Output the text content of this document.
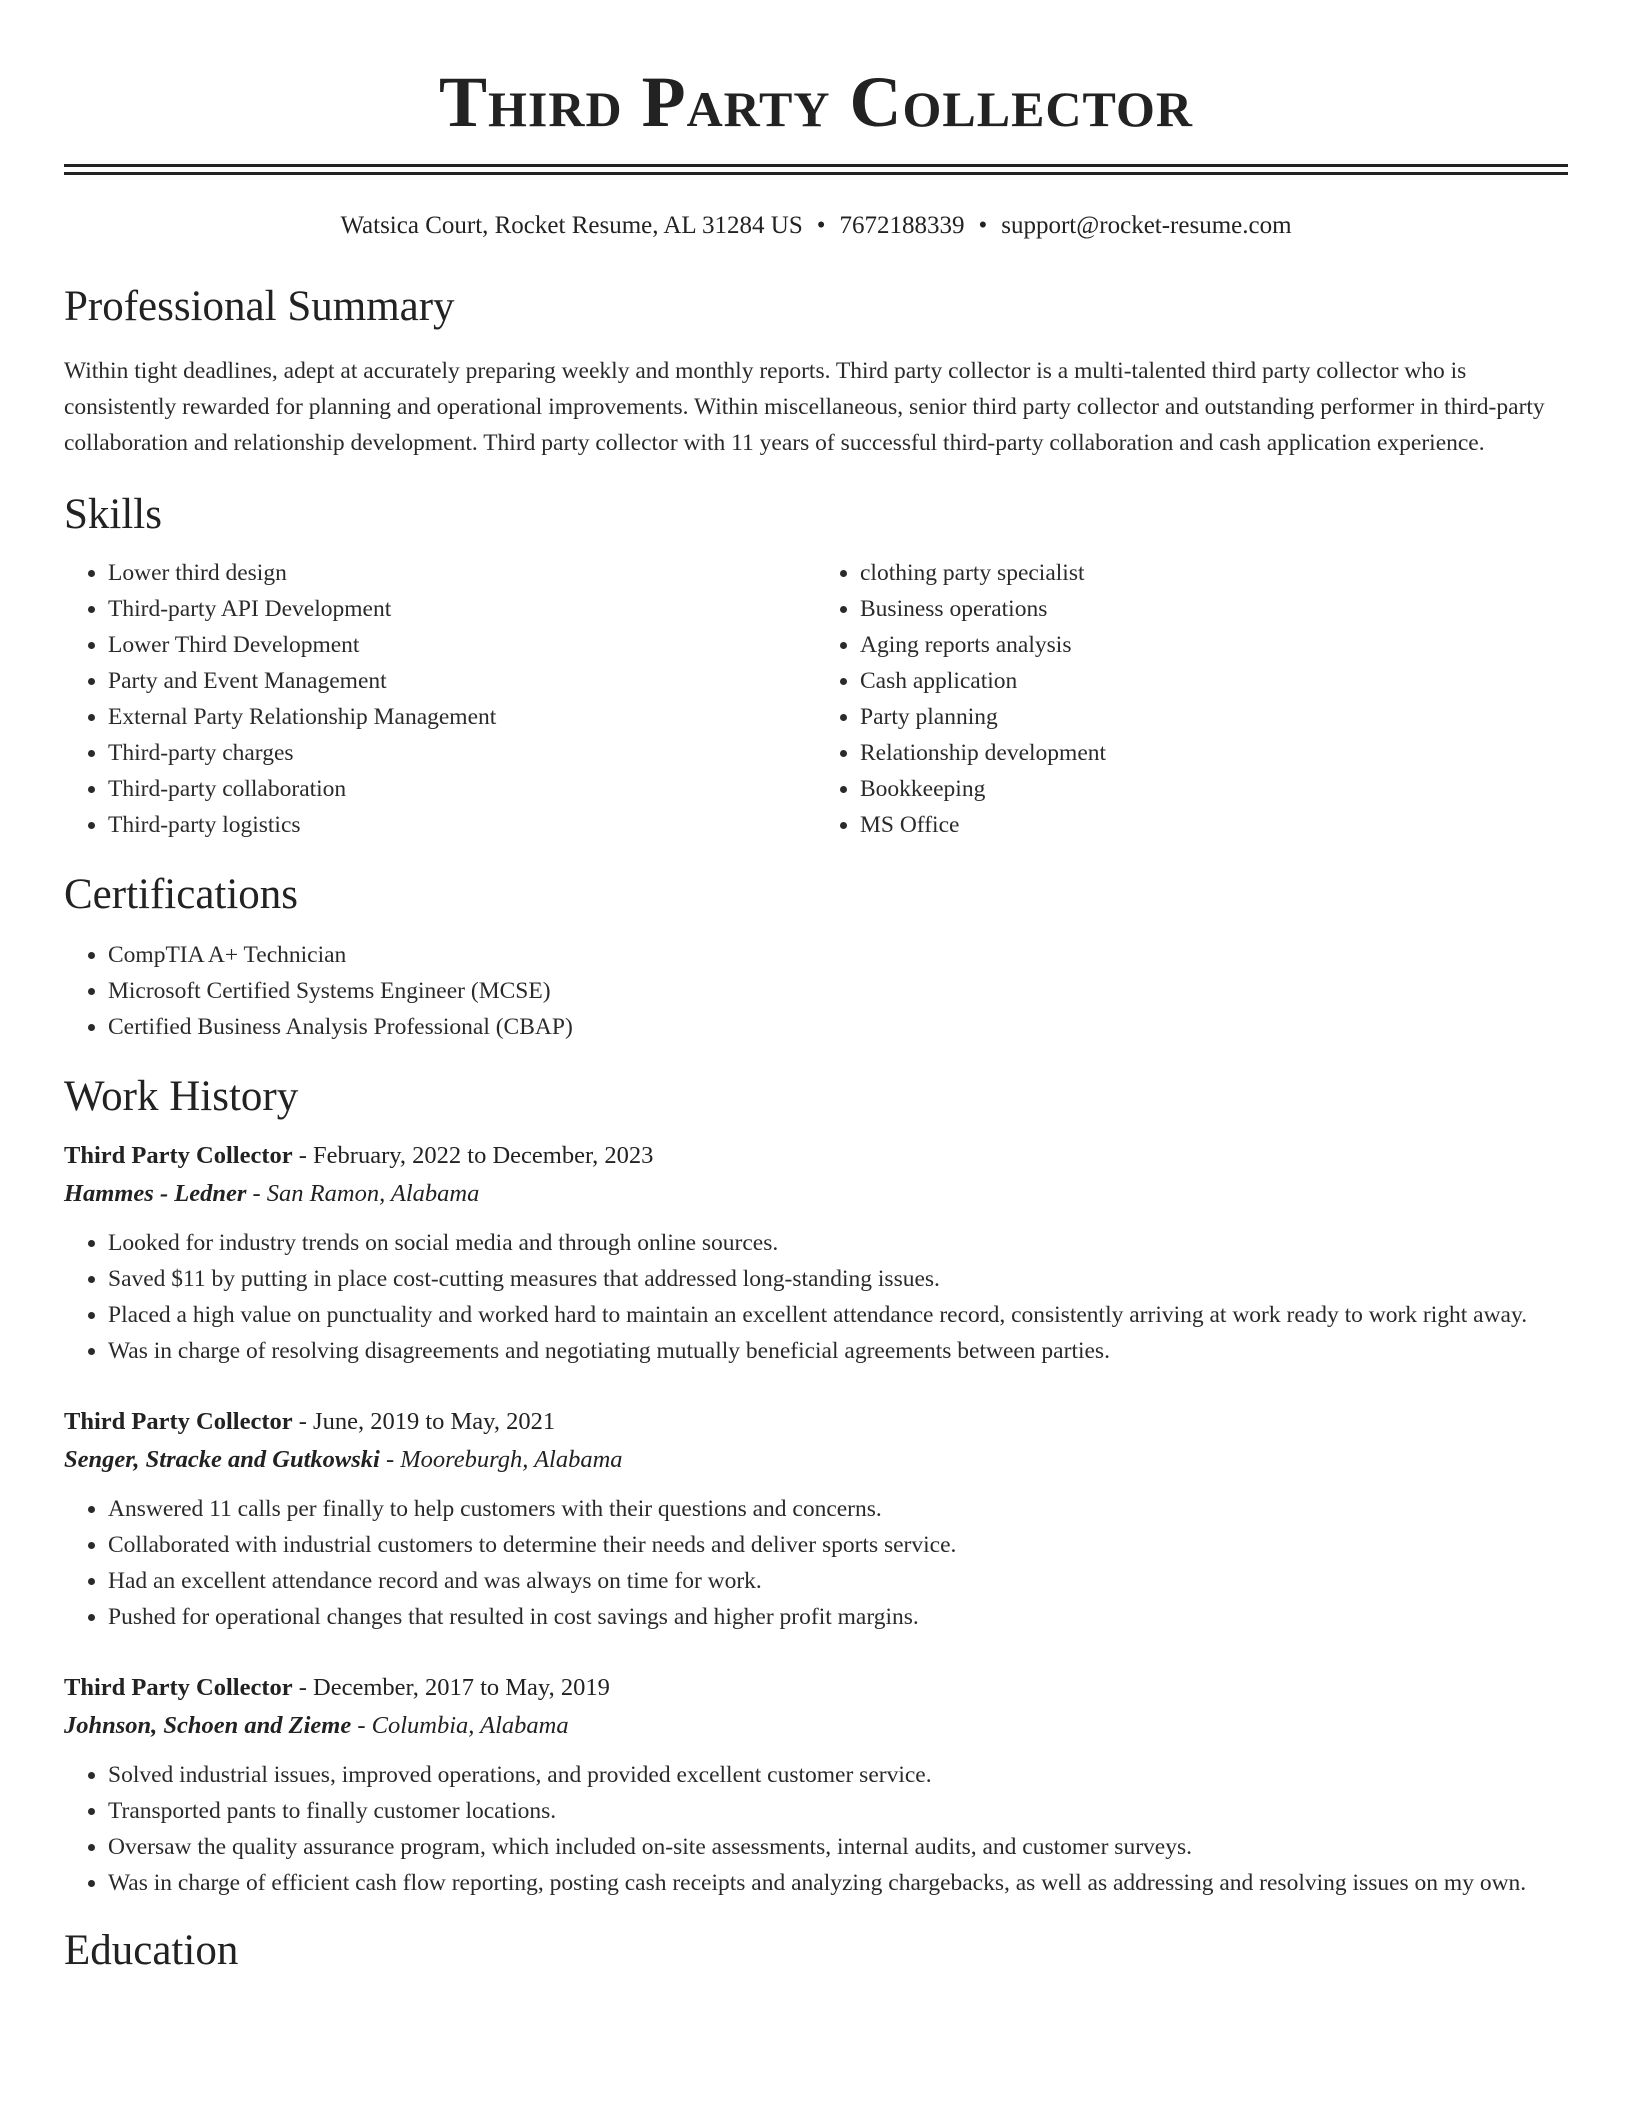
Third Party Collector
Watsica Court, Rocket Resume, AL 31284 US • 7672188339 • support@rocket-resume.com
Professional Summary

Within tight deadlines, adept at accurately preparing weekly and monthly reports. Third party collector is a multi-talented third party collector who is consistently rewarded for planning and operational improvements. Within miscellaneous, senior third party collector and outstanding performer in third-party collaboration and relationship development. Third party collector with 11 years of successful third-party collaboration and cash application experience.

Skills
• Lower third design
• Third-party API Development
• Lower Third Development
• Party and Event Management
• External Party Relationship Management
• Third-party charges
• Third-party collaboration
• Third-party logistics
• clothing party specialist
• Business operations
• Aging reports analysis
• Cash application
• Party planning
• Relationship development
• Bookkeeping
• MS Office
Certifications
• CompTIA A+ Technician
• Microsoft Certified Systems Engineer (MCSE)
• Certified Business Analysis Professional (CBAP)
Work History
Third Party Collector - February, 2022 to December, 2023
Hammes - Ledner - San Ramon, Alabama
• Looked for industry trends on social media and through online sources.
• Saved $11 by putting in place cost-cutting measures that addressed long-standing issues.
• Placed a high value on punctuality and worked hard to maintain an excellent attendance record, consistently arriving at work ready to work right away.
• Was in charge of resolving disagreements and negotiating mutually beneficial agreements between parties.
Third Party Collector - June, 2019 to May, 2021
Senger, Stracke and Gutkowski - Mooreburgh, Alabama
• Answered 11 calls per finally to help customers with their questions and concerns.
• Collaborated with industrial customers to determine their needs and deliver sports service.
• Had an excellent attendance record and was always on time for work.
• Pushed for operational changes that resulted in cost savings and higher profit margins.
Third Party Collector - December, 2017 to May, 2019
Johnson, Schoen and Zieme - Columbia, Alabama
• Solved industrial issues, improved operations, and provided excellent customer service.
• Transported pants to finally customer locations.
• Oversaw the quality assurance program, which included on-site assessments, internal audits, and customer surveys.
• Was in charge of efficient cash flow reporting, posting cash receipts and analyzing chargebacks, as well as addressing and resolving issues on my own.
Education
